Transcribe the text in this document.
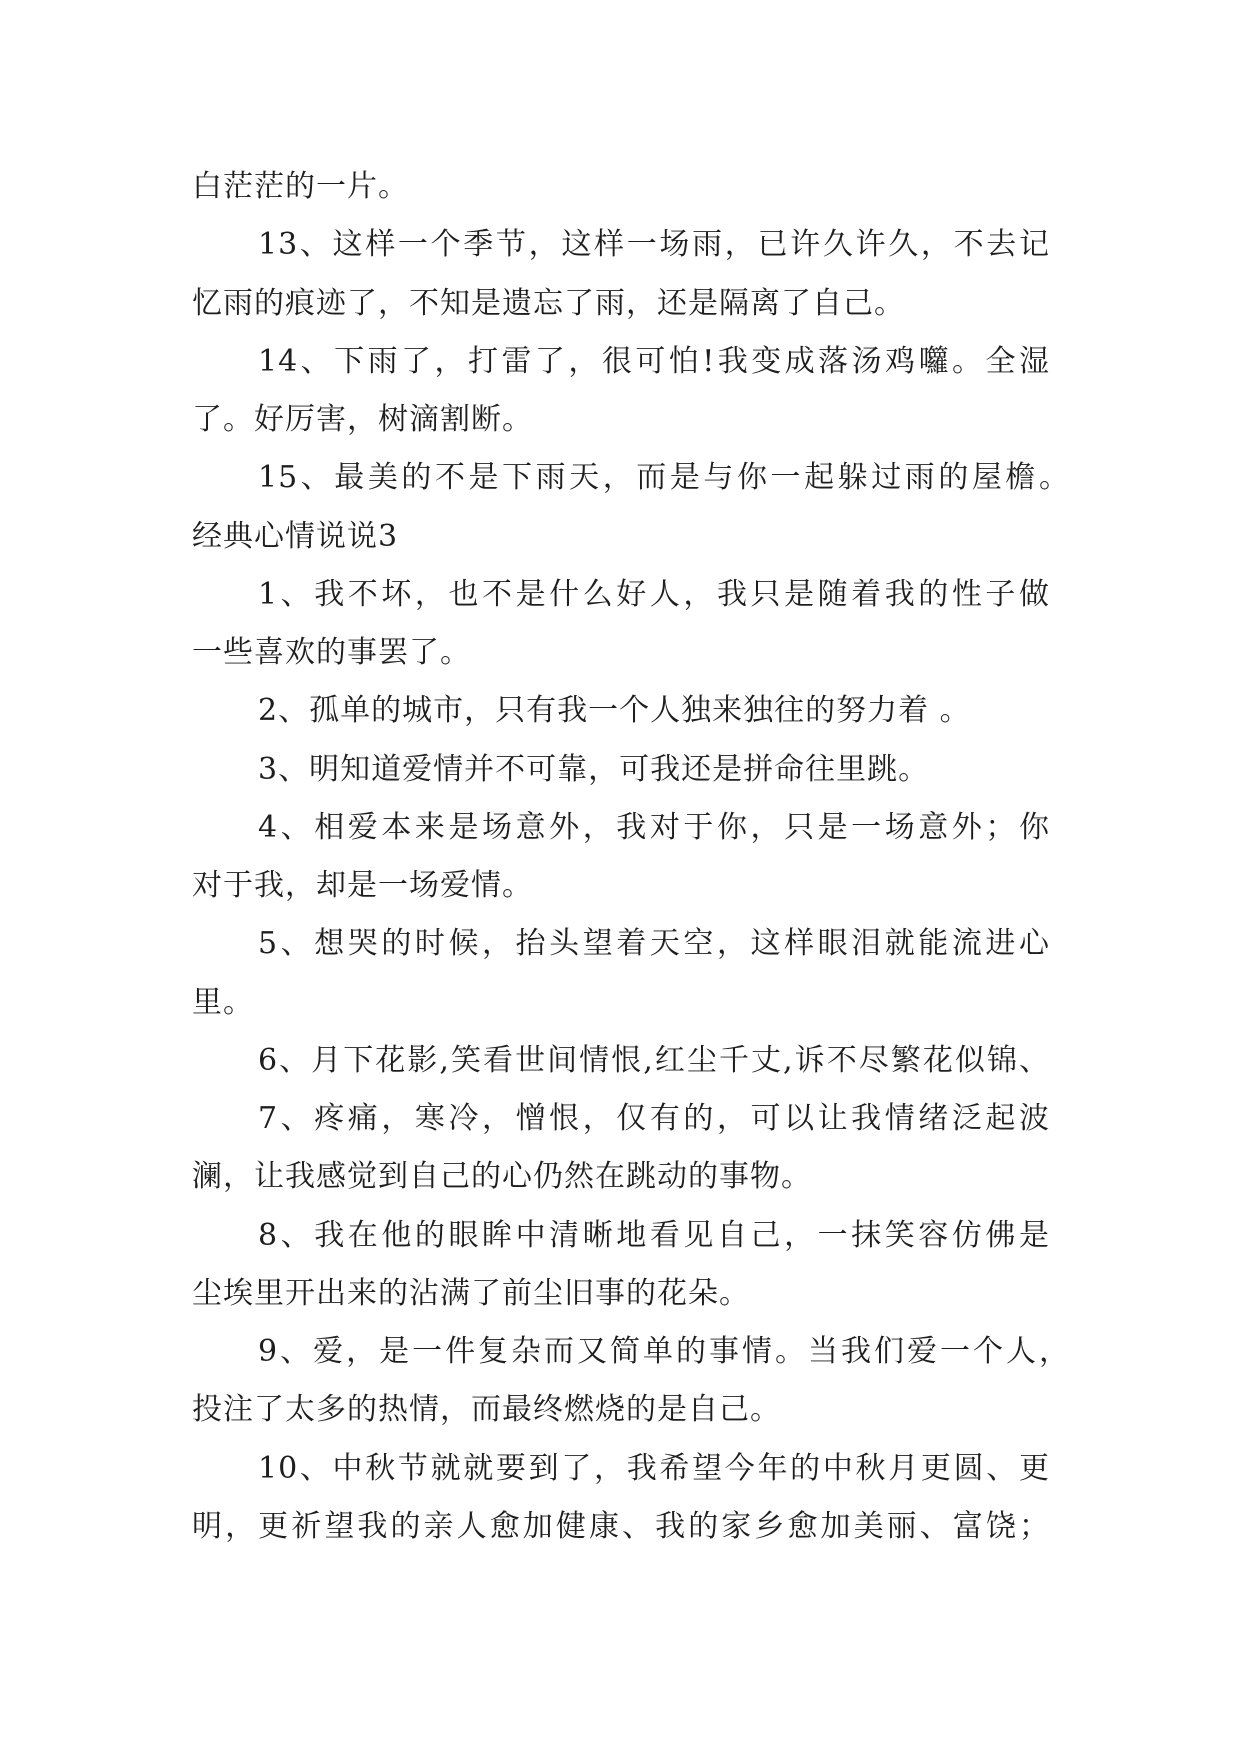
白茫茫的一片。
13、这样一个季节，这样一场雨，已许久许久，不去记
忆雨的痕迹了，不知是遗忘了雨，还是隔离了自己。
14、下雨了，打雷了，很可怕!我变成落汤鸡囖。全湿
了。好厉害，树滴割断。
15、最美的不是下雨天，而是与你一起躲过雨的屋檐。
经典心情说说3
1、我不坏，也不是什么好人，我只是随着我的性子做
一些喜欢的事罢了。
2、孤单的城市，只有我一个人独来独往的努力着 。
3、明知道爱情并不可靠，可我还是拼命往里跳。
4、相爱本来是场意外，我对于你，只是一场意外；你
对于我，却是一场爱情。
5、想哭的时候，抬头望着天空，这样眼泪就能流进心
里。
6、月下花影,笑看世间情恨,红尘千丈,诉不尽繁花似锦、
7、疼痛，寒冷，憎恨，仅有的，可以让我情绪泛起波
澜，让我感觉到自己的心仍然在跳动的事物。
8、我在他的眼眸中清晰地看见自己，一抹笑容仿佛是
尘埃里开出来的沾满了前尘旧事的花朵。
9、爱，是一件复杂而又简单的事情。当我们爱一个人，
投注了太多的热情，而最终燃烧的是自己。
10、中秋节就就要到了，我希望今年的中秋月更圆、更
明，更祈望我的亲人愈加健康、我的家乡愈加美丽、富饶；
